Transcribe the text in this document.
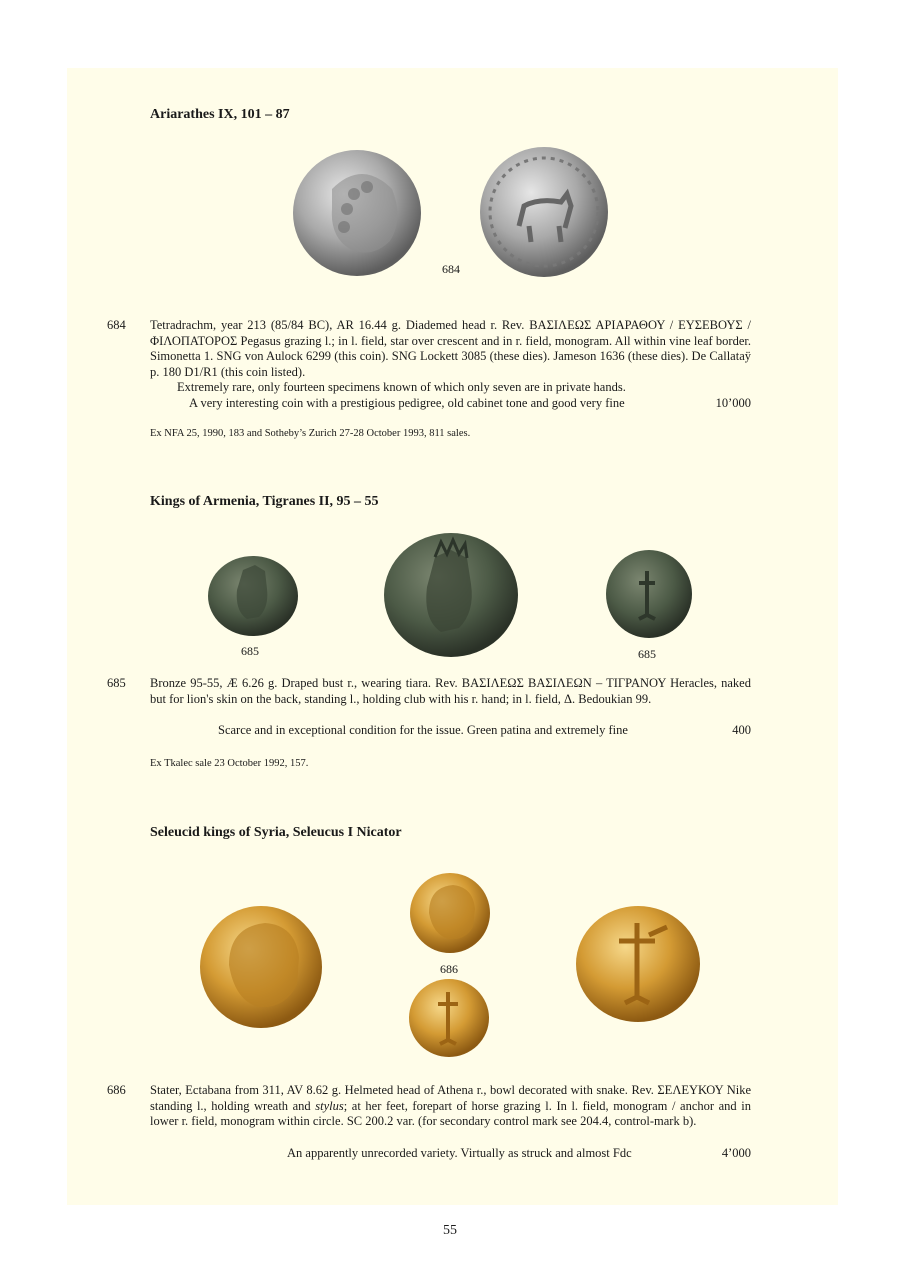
Ariarathes IX, 101 – 87
684
684 Tetradrachm, year 213 (85/84 BC), AR 16.44 g. Diademed head r. Rev. ΒΑΣΙΛΕΩΣ ΑΡΙΑΡΑΘΟΥ / ΕΥΣΕΒΟΥΣ / ΦΙΛΟΠΑΤΟΡΟΣ Pegasus grazing l.; in l. field, star over crescent and in r. field, monogram. All within vine leaf border. Simonetta 1. SNG von Aulock 6299 (this coin). SNG Lockett 3085 (these dies). Jameson 1636 (these dies). De Callataÿ p. 180 D1/R1 (this coin listed).

Extremely rare, only fourteen specimens known of which only seven are in private hands.
A very interesting coin with a prestigious pedigree, old cabinet tone and good very fine	10’000
Ex NFA 25, 1990, 183 and Sotheby’s Zurich 27-28 October 1993, 811 sales.
Kings of Armenia, Tigranes II, 95 – 55
685	685
685 Bronze 95-55, Æ 6.26 g. Draped bust r., wearing tiara. Rev. ΒΑΣΙΛΕΩΣ ΒΑΣΙΛΕΩΝ – ΤΙΓΡΑΝΟΥ Heracles, naked but for lion's skin on the back, standing l., holding club with his r. hand; in l. field, Δ. Bedoukian 99.

Scarce and in exceptional condition for the issue. Green patina and extremely fine	400
Ex Tkalec sale 23 October 1992, 157.
Seleucid kings of Syria, Seleucus I Nicator
686
686 Stater, Ectabana from 311, AV 8.62 g. Helmeted head of Athena r., bowl decorated with snake. Rev. ΣΕΛΕΥΚΟΥ Nike standing l., holding wreath and stylus; at her feet, forepart of horse grazing l. In l. field, monogram / anchor and in lower r. field, monogram within circle. SC 200.2 var. (for secondary control mark see 204.4, control-mark b).

An apparently unrecorded variety. Virtually as struck and almost Fdc	4’000
55
